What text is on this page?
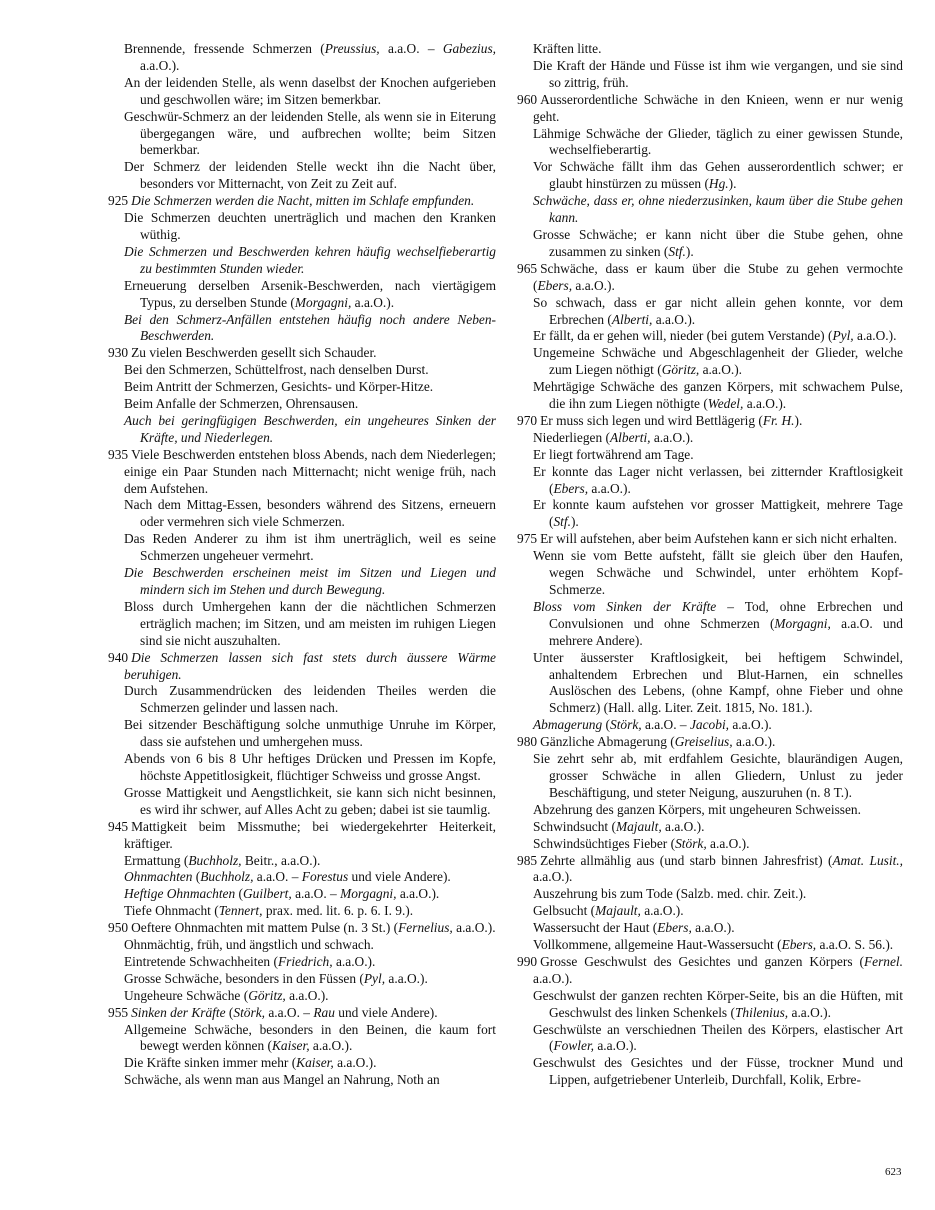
Brennende, fressende Schmerzen (Preussius, a.a.O. – Gabezius, a.a.O.).
An der leidenden Stelle, als wenn daselbst der Knochen aufgerieben und geschwollen wäre; im Sitzen bemerkbar.
Geschwür-Schmerz an der leidenden Stelle, als wenn sie in Eiterung übergegangen wäre, und aufbrechen wollte; beim Sitzen bemerkbar.
Der Schmerz der leidenden Stelle weckt ihn die Nacht über, besonders vor Mitternacht, von Zeit zu Zeit auf.
925 Die Schmerzen werden die Nacht, mitten im Schlafe empfunden.
Die Schmerzen deuchten unerträglich und machen den Kranken wüthig.
Die Schmerzen und Beschwerden kehren häufig wechselfieberartig zu bestimmten Stunden wieder.
Erneuerung derselben Arsenik-Beschwerden, nach viertägigem Typus, zu derselben Stunde (Morgagni, a.a.O.).
Bei den Schmerz-Anfällen entstehen häufig noch andere Neben-Beschwerden.
930 Zu vielen Beschwerden gesellt sich Schauder.
Bei den Schmerzen, Schüttelfrost, nach denselben Durst.
Beim Antritt der Schmerzen, Gesichts- und Körper-Hitze.
Beim Anfalle der Schmerzen, Ohrensausen.
Auch bei geringfügigen Beschwerden, ein ungeheures Sinken der Kräfte, und Niederlegen.
935 Viele Beschwerden entstehen bloss Abends, nach dem Niederlegen; einige ein Paar Stunden nach Mitternacht; nicht wenige früh, nach dem Aufstehen.
Nach dem Mittag-Essen, besonders während des Sitzens, erneuern oder vermehren sich viele Schmerzen.
Das Reden Anderer zu ihm ist ihm unerträglich, weil es seine Schmerzen ungeheuer vermehrt.
Die Beschwerden erscheinen meist im Sitzen und Liegen und mindern sich im Stehen und durch Bewegung.
Bloss durch Umhergehen kann der die nächtlichen Schmerzen erträglich machen; im Sitzen, und am meisten im ruhigen Liegen sind sie nicht auszuhalten.
940 Die Schmerzen lassen sich fast stets durch äussere Wärme beruhigen.
Durch Zusammendrücken des leidenden Theiles werden die Schmerzen gelinder und lassen nach.
Bei sitzender Beschäftigung solche unmuthige Unruhe im Körper, dass sie aufstehen und umhergehen muss.
Abends von 6 bis 8 Uhr heftiges Drücken und Pressen im Kopfe, höchste Appetitlosigkeit, flüchtiger Schweiss und grosse Angst.
Grosse Mattigkeit und Aengstlichkeit, sie kann sich nicht besinnen, es wird ihr schwer, auf Alles Acht zu geben; dabei ist sie taumlig.
945 Mattigkeit beim Missmuthe; bei wiedergekehrter Heiterkeit, kräftiger.
Ermattung (Buchholz, Beitr., a.a.O.).
Ohnmachten (Buchholz, a.a.O. – Forestus und viele Andere).
Heftige Ohnmachten (Guilbert, a.a.O. – Morgagni, a.a.O.).
Tiefe Ohnmacht (Tennert, prax. med. lit. 6. p. 6. I. 9.).
950 Oeftere Ohnmachten mit mattem Pulse (n. 3 St.) (Fernelius, a.a.O.).
Ohnmächtig, früh, und ängstlich und schwach.
Eintretende Schwachheiten (Friedrich, a.a.O.).
Grosse Schwäche, besonders in den Füssen (Pyl, a.a.O.).
Ungeheure Schwäche (Göritz, a.a.O.).
955 Sinken der Kräfte (Störk, a.a.O. – Rau und viele Andere).
Allgemeine Schwäche, besonders in den Beinen, die kaum fort bewegt werden können (Kaiser, a.a.O.).
Die Kräfte sinken immer mehr (Kaiser, a.a.O.).
Schwäche, als wenn man aus Mangel an Nahrung, Noth an
Kräften litte.
Die Kraft der Hände und Füsse ist ihm wie vergangen, und sie sind so zittrig, früh.
960 Ausserordentliche Schwäche in den Knieen, wenn er nur wenig geht.
Lähmige Schwäche der Glieder, täglich zu einer gewissen Stunde, wechselfieberartig.
Vor Schwäche fällt ihm das Gehen ausserordentlich schwer; er glaubt hinstürzen zu müssen (Hg.).
Schwäche, dass er, ohne niederzusinken, kaum über die Stube gehen kann.
Grosse Schwäche; er kann nicht über die Stube gehen, ohne zusammen zu sinken (Stf.).
965 Schwäche, dass er kaum über die Stube zu gehen vermochte (Ebers, a.a.O.).
So schwach, dass er gar nicht allein gehen konnte, vor dem Erbrechen (Alberti, a.a.O.).
Er fällt, da er gehen will, nieder (bei gutem Verstande) (Pyl, a.a.O.).
Ungemeine Schwäche und Abgeschlagenheit der Glieder, welche zum Liegen nöthigt (Göritz, a.a.O.).
Mehrtägige Schwäche des ganzen Körpers, mit schwachem Pulse, die ihn zum Liegen nöthigte (Wedel, a.a.O.).
970 Er muss sich legen und wird Bettlägerig (Fr. H.).
Niederliegen (Alberti, a.a.O.).
Er liegt fortwährend am Tage.
Er konnte das Lager nicht verlassen, bei zitternder Kraftlosigkeit (Ebers, a.a.O.).
Er konnte kaum aufstehen vor grosser Mattigkeit, mehrere Tage (Stf.).
975 Er will aufstehen, aber beim Aufstehen kann er sich nicht erhalten.
Wenn sie vom Bette aufsteht, fällt sie gleich über den Haufen, wegen Schwäche und Schwindel, unter erhöhtem Kopf-Schmerze.
Bloss vom Sinken der Kräfte – Tod, ohne Erbrechen und Convulsionen und ohne Schmerzen (Morgagni, a.a.O. und mehrere Andere).
Unter äusserster Kraftlosigkeit, bei heftigem Schwindel, anhaltendem Erbrechen und Blut-Harnen, ein schnelles Auslöschen des Lebens, (ohne Kampf, ohne Fieber und ohne Schmerz) (Hall. allg. Liter. Zeit. 1815, No. 181.).
Abmagerung (Störk, a.a.O. – Jacobi, a.a.O.).
980 Gänzliche Abmagerung (Greiselius, a.a.O.).
Sie zehrt sehr ab, mit erdfahlem Gesichte, blaurändigen Augen, grosser Schwäche in allen Gliedern, Unlust zu jeder Beschäftigung, und steter Neigung, auszuruhen (n. 8 T.).
Abzehrung des ganzen Körpers, mit ungeheuren Schweissen.
Schwindsucht (Majault, a.a.O.).
Schwindsüchtiges Fieber (Störk, a.a.O.).
985 Zehrte allmählig aus (und starb binnen Jahresfrist) (Amat. Lusit., a.a.O.).
Auszehrung bis zum Tode (Salzb. med. chir. Zeit.).
Gelbsucht (Majault, a.a.O.).
Wassersucht der Haut (Ebers, a.a.O.).
Vollkommene, allgemeine Haut-Wassersucht (Ebers, a.a.O. S. 56.).
990 Grosse Geschwulst des Gesichtes und ganzen Körpers (Fernel. a.a.O.).
Geschwulst der ganzen rechten Körper-Seite, bis an die Hüften, mit Geschwulst des linken Schenkels (Thilenius, a.a.O.).
Geschwülste an verschiednen Theilen des Körpers, elastischer Art (Fowler, a.a.O.).
Geschwulst des Gesichtes und der Füsse, trockner Mund und Lippen, aufgetriebener Unterleib, Durchfall, Kolik, Erbre-
623
